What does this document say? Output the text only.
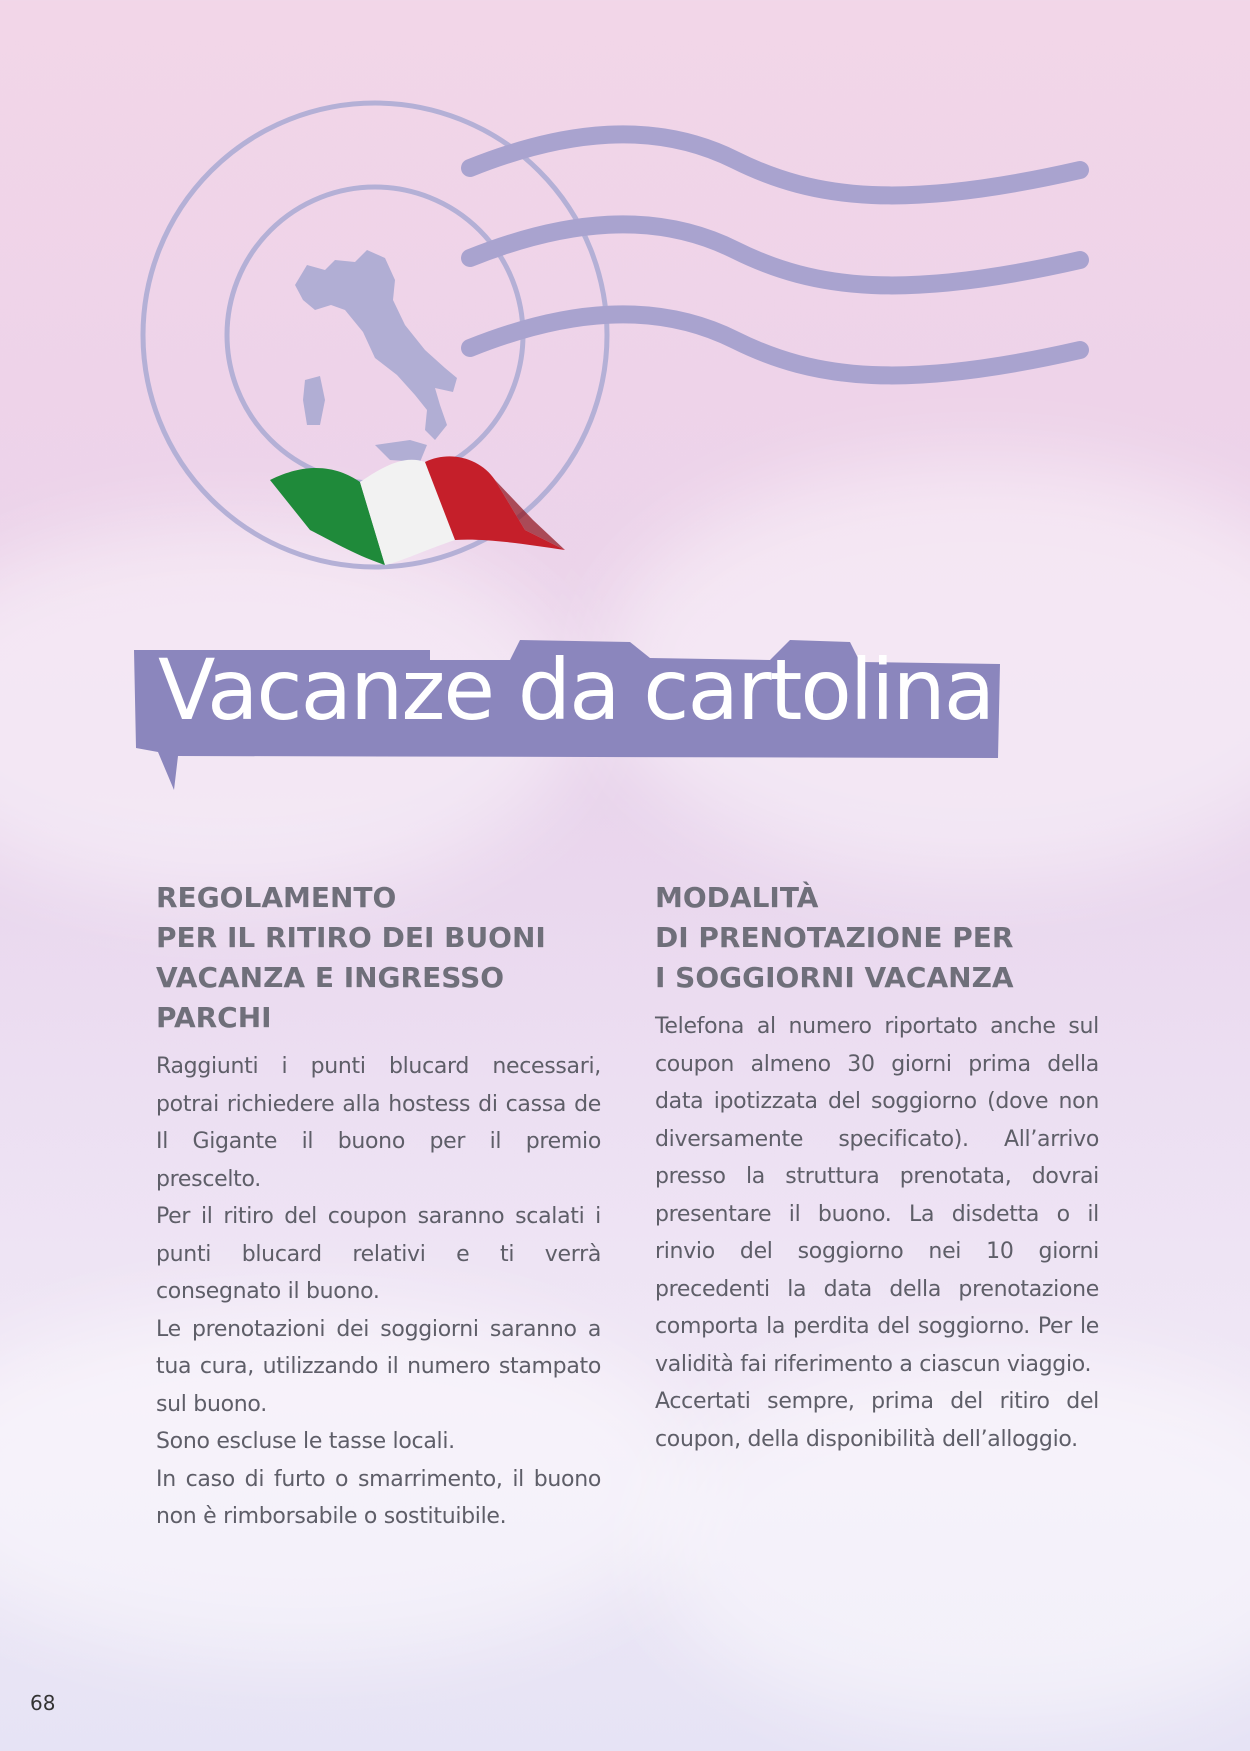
Vacanze da cartolina
REGOLAMENTO
PER IL RITIRO DEI BUONI
VACANZA E INGRESSO
PARCHI

Raggiunti i punti blucard necessari, potrai richiedere alla hostess di cassa de Il Gigante il buono per il premio prescelto.

Per il ritiro del coupon saranno scalati i punti blucard relativi e ti verrà consegnato il buono.

Le prenotazioni dei soggiorni saranno a tua cura, utilizzando il numero stampato sul buono.

Sono escluse le tasse locali.

In caso di furto o smarrimento, il buono non è rimborsabile o sostituibile.

MODALITÀ
DI PRENOTAZIONE PER
I SOGGIORNI VACANZA

Telefona al numero riportato anche sul coupon almeno 30 giorni prima della data ipotizzata del soggiorno (dove non diversamente specificato). All’arrivo presso la struttura prenotata, dovrai presentare il buono. La disdetta o il rinvio del soggiorno nei 10 giorni precedenti la data della prenotazione comporta la perdita del soggiorno. Per le validità fai riferimento a ciascun viaggio.

Accertati sempre, prima del ritiro del coupon, della disponibilità dell’alloggio.

68
